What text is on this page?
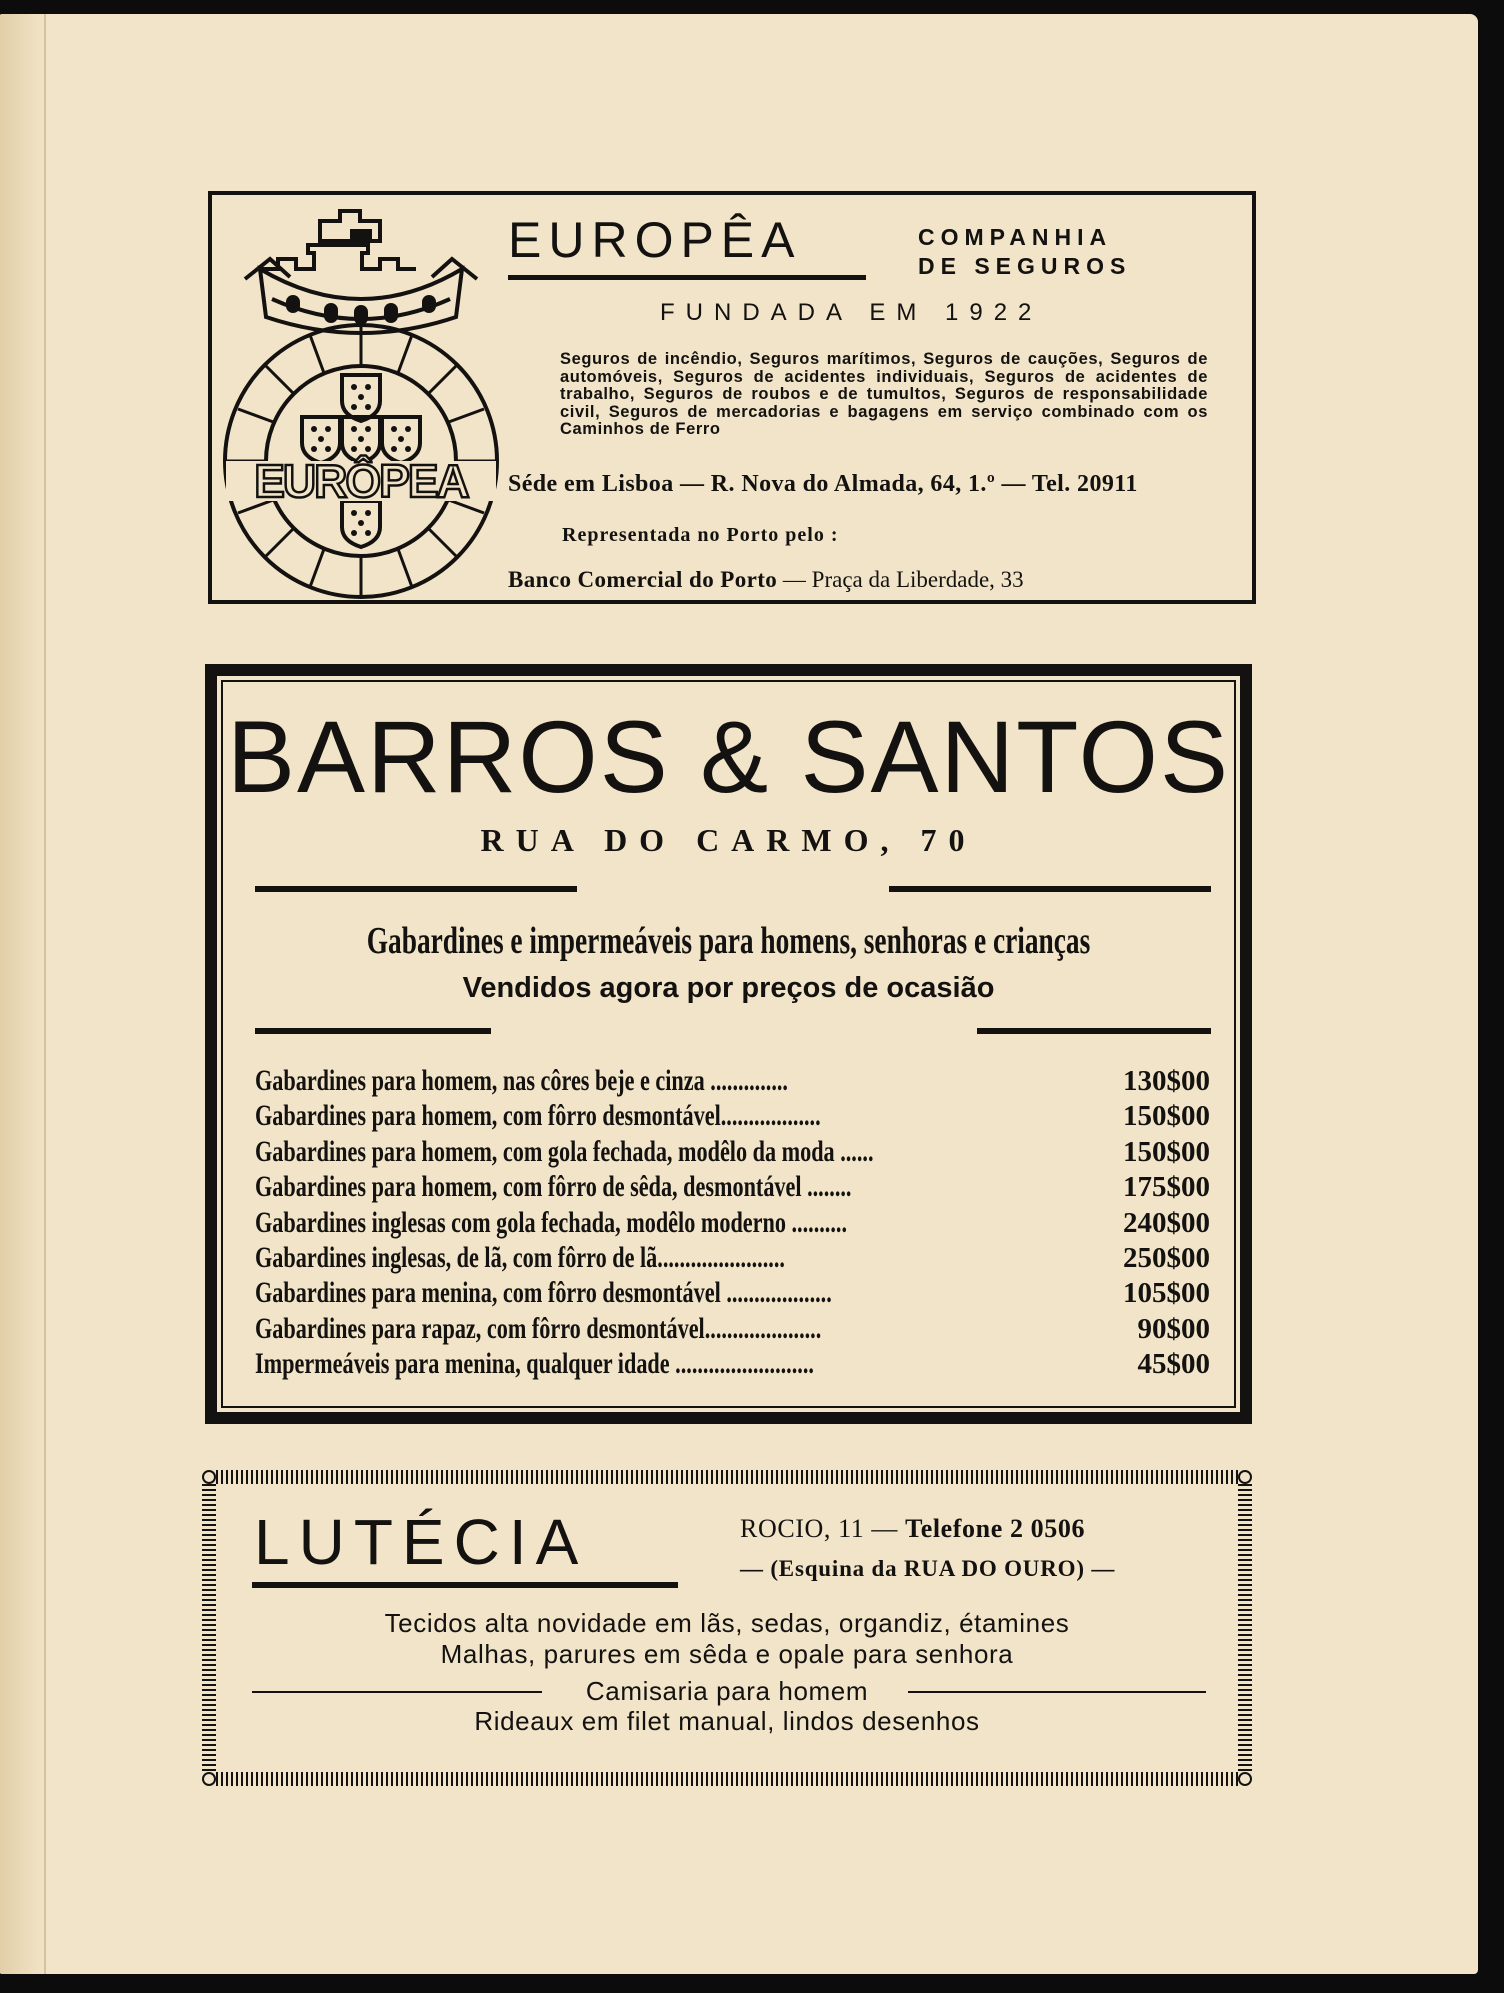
EURÔPEA
EUROPÊA	COMPANHIA
DE SEGUROS
FUNDADA EM 1922
Seguros de incêndio, Seguros marítimos, Seguros de cauções, Seguros de automóveis, Seguros de acidentes individuais, Seguros de acidentes de trabalho, Seguros de roubos e de tumultos, Seguros de responsabilidade civil, Seguros de mercadorias e bagagens em serviço combinado com os Caminhos de Ferro
Séde em Lisboa — R. Nova do Almada, 64, 1.º — Tel. 20911
Representada no Porto pelo :
Banco Comercial do Porto — Praça da Liberdade, 33
BARROS & SANTOS
RUA DO CARMO, 70
Gabardines e impermeáveis para homens, senhoras e crianças
Vendidos agora por preços de ocasião
Gabardines para homem, nas côres beje e cinza ..............	130$00
Gabardines para homem, com fôrro desmontável..................	150$00
Gabardines para homem, com gola fechada, modêlo da moda ......	150$00
Gabardines para homem, com fôrro de sêda, desmontável ........	175$00
Gabardines inglesas com gola fechada, modêlo moderno ..........	240$00
Gabardines inglesas, de lã, com fôrro de lã.......................	250$00
Gabardines para menina, com fôrro desmontável ...................	105$00
Gabardines para rapaz, com fôrro desmontável.....................	90$00
Impermeáveis para menina, qualquer idade .........................	45$00
LUTÉCIA	ROCIO, 11 — Telefone 2 0506
— (Esquina da RUA DO OURO) —
Tecidos alta novidade em lãs, sedas, organdiz, étamines
Malhas, parures em sêda e opale para senhora
Camisaria para homem
Rideaux em filet manual, lindos desenhos
